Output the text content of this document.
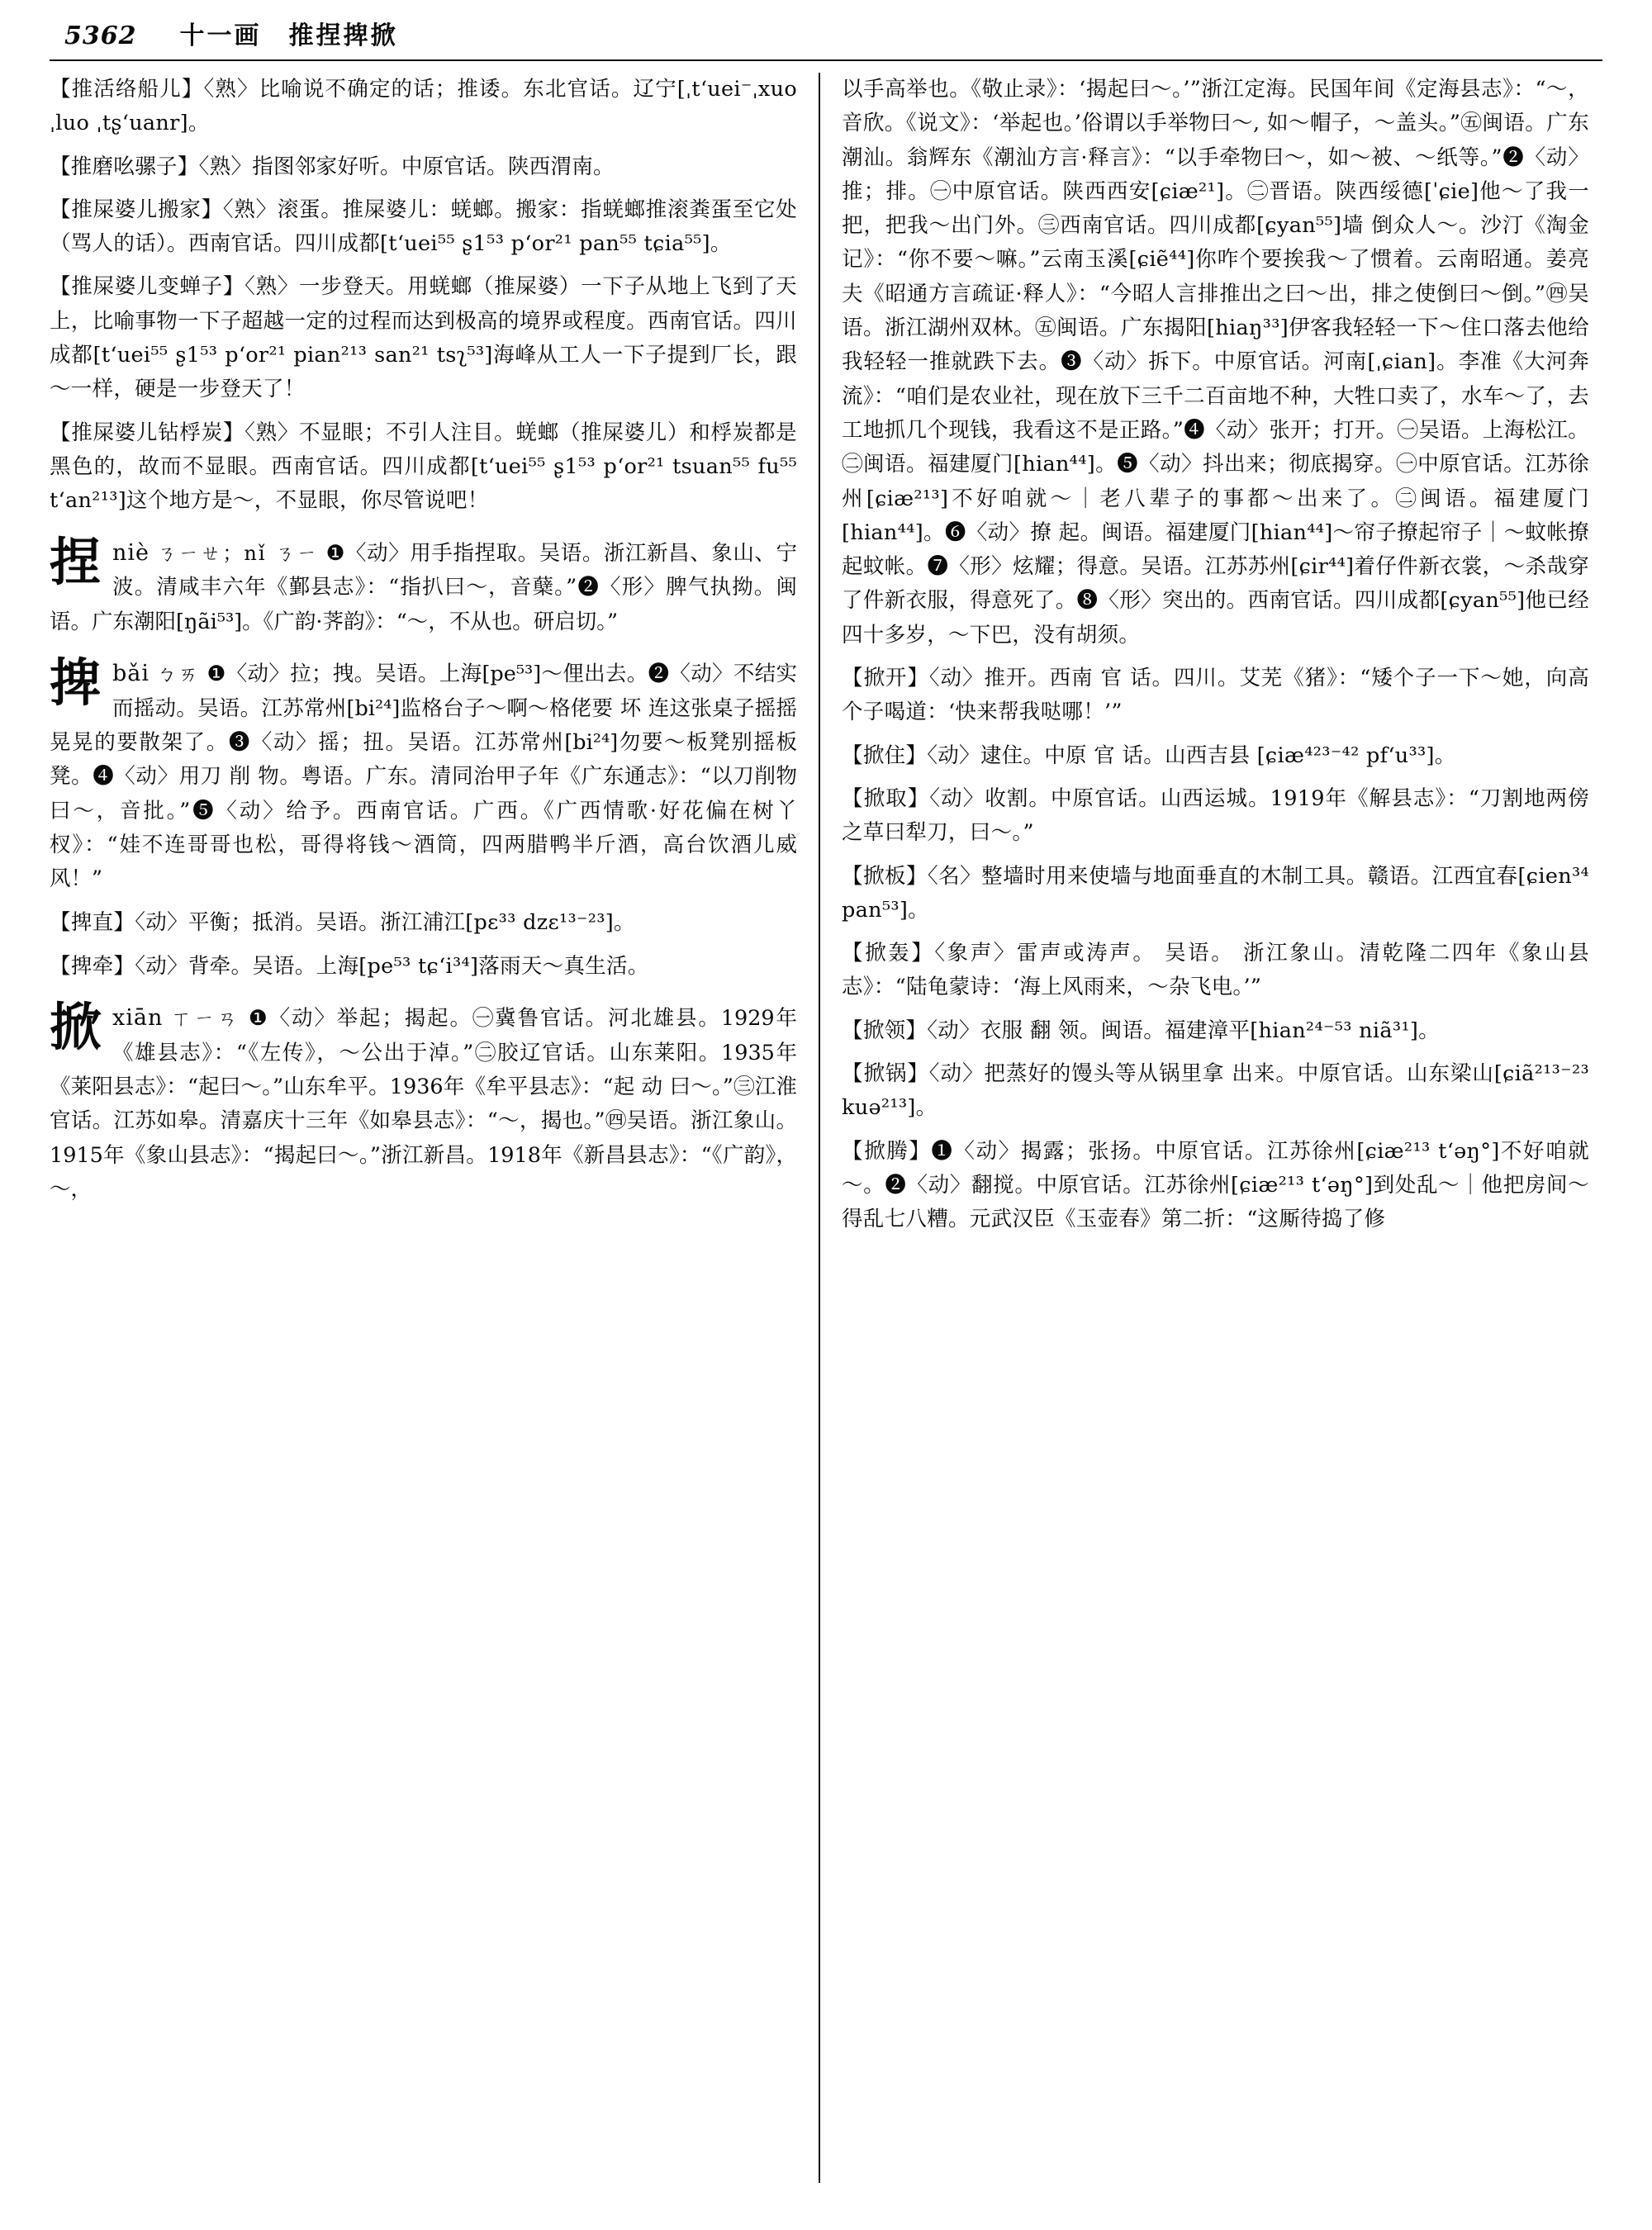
5362 十一画　推捏捭掀
【推活络船儿】〈熟〉比喻说不确定的话；推诿。东北官话。辽宁[ˌtʻuei⁻ˌxuo ˌluo ˌtʂʻuanr]。
【推磨吆骡子】〈熟〉指图邻家好听。中原官话。陕西渭南。
【推屎婆儿搬家】〈熟〉滚蛋。推屎婆儿：蜣螂。搬家：指蜣螂推滚粪蛋至它处（骂人的话）。西南官话。四川成都[tʻuei⁵⁵ ʂ1⁵³ pʻor²¹ pan⁵⁵ tɕia⁵⁵]。
【推屎婆儿变蝉子】〈熟〉一步登天。用蜣螂（推屎婆）一下子从地上飞到了天上，比喻事物一下子超越一定的过程而达到极高的境界或程度。西南官话。四川成都[tʻuei⁵⁵ ʂ1⁵³ pʻor²¹ pian²¹³ san²¹ tsʅ⁵³]海峰从工人一下子提到厂长，跟～一样，硬是一步登天了！
【推屎婆儿钻桴炭】〈熟〉不显眼；不引人注目。蜣螂（推屎婆儿）和桴炭都是黑色的，故而不显眼。西南官话。四川成都[tʻuei⁵⁵ ʂ1⁵³ pʻor²¹ tsuan⁵⁵ fu⁵⁵ tʻan²¹³]这个地方是～，不显眼，你尽管说吧！
捏 niè ㄋㄧㄝ；nǐ ㄋㄧ ❶〈动〉用手指捏取。吴语。浙江新昌、象山、宁波。清咸丰六年《鄞县志》：“指扒曰～，音蘖。”❷〈形〉脾气执拗。闽语。广东潮阳[ŋãi⁵³]。《广韵·荠韵》：“～，不从也。研启切。”
捭 bǎi ㄅㄞ ❶〈动〉拉；拽。吴语。上海[pe⁵³]～俚出去。❷〈动〉不结实而摇动。吴语。江苏常州[bi²⁴]监格台子～啊～格佬要 坏 连这张桌子摇摇晃晃的要散架了。❸〈动〉摇；扭。吴语。江苏常州[bi²⁴]勿要～板凳别摇板凳。❹〈动〉用刀 削 物。粤语。广东。清同治甲子年《广东通志》：“以刀削物曰～，音批。”❺〈动〉给予。西南官话。广西。《广西情歌·好花偏在树丫杈》：“娃不连哥哥也松，哥得将钱～酒筒，四两腊鸭半斤酒，高台饮酒儿威风！”
【捭直】〈动〉平衡；抵消。吴语。浙江浦江[pɛ³³ dzɛ¹³⁻²³]。
【捭牵】〈动〉背牵。吴语。上海[pe⁵³ tɕʻi³⁴]落雨天～真生活。
掀 xiān ㄒㄧㄢ ❶〈动〉举起；揭起。㊀冀鲁官话。河北雄县。1929年《雄县志》：“《左传》，～公出于淖。”㊁胶辽官话。山东莱阳。1935年《莱阳县志》：“起曰～。”山东牟平。1936年《牟平县志》：“起 动 曰～。”㊂江淮官话。江苏如皋。清嘉庆十三年《如皋县志》：“～，揭也。”㊃吴语。浙江象山。1915年《象山县志》：“揭起曰～。”浙江新昌。1918年《新昌县志》：“《广韵》，～，
以手高举也。《敬止录》：‘揭起曰～。’”浙江定海。民国年间《定海县志》：“～，音欣。《说文》：‘举起也。’俗谓以手举物曰～, 如～帽子，～盖头。”㊄闽语。广东潮汕。翁辉东《潮汕方言·释言》：“以手牵物曰～，如～被、～纸等。”❷〈动〉推；排。㊀中原官话。陕西西安[ɕiæ²¹]。㊁晋语。陕西绥德[ˈɕie]他～了我一把，把我～出门外。㊂西南官话。四川成都[ɕyan⁵⁵]墙 倒众人～。沙汀《淘金记》：“你不要～嘛。”云南玉溪[ɕiẽ⁴⁴]你咋个要挨我～了惯着。云南昭通。姜亮夫《昭通方言疏证·释人》：“今昭人言排推出之曰～出，排之使倒曰～倒。”㊃吴语。浙江湖州双林。㊄闽语。广东揭阳[hiaŋ³³]伊客我轻轻一下～住口落去他给我轻轻一推就跌下去。❸〈动〉拆下。中原官话。河南[ˌɕian]。李准《大河奔流》：“咱们是农业社，现在放下三千二百亩地不种，大牲口卖了，水车～了，去工地抓几个现钱，我看这不是正路。”❹〈动〉张开；打开。㊀吴语。上海松江。㊁闽语。福建厦门[hian⁴⁴]。❺〈动〉抖出来；彻底揭穿。㊀中原官话。江苏徐州[ɕiæ²¹³]不好咱就～｜老八辈子的事都～出来了。㊁闽语。福建厦门 [hian⁴⁴]。❻〈动〉撩 起。闽语。福建厦门[hian⁴⁴]～帘子撩起帘子｜～蚊帐撩起蚊帐。❼〈形〉炫耀；得意。吴语。江苏苏州[ɕir⁴⁴]着仔件新衣裳，～杀哉穿了件新衣服，得意死了。❽〈形〉突出的。西南官话。四川成都[ɕyan⁵⁵]他已经四十多岁，～下巴，没有胡须。
【掀开】〈动〉推开。西南 官 话。四川。艾芜《猪》：“矮个子一下～她，向高个子喝道：‘快来帮我哒哪！’”
【掀住】〈动〉逮住。中原 官 话。山西吉县 [ɕiæ⁴²³⁻⁴² pfʻu³³]。
【掀取】〈动〉收割。中原官话。山西运城。1919年《解县志》：“刀割地两傍之草曰犁刀，曰～。”
【掀板】〈名〉整墙时用来使墙与地面垂直的木制工具。赣语。江西宜春[ɕien³⁴ pan⁵³]。
【掀轰】〈象声〉雷声或涛声。 吴语。 浙江象山。清乾隆二四年《象山县志》：“陆龟蒙诗：‘海上风雨来，～杂飞电。’”
【掀领】〈动〉衣服 翻 领。闽语。福建漳平[hian²⁴⁻⁵³ niã³¹]。
【掀锅】〈动〉把蒸好的馒头等从锅里拿 出来。中原官话。山东梁山[ɕiã²¹³⁻²³ kuə²¹³]。
【掀腾】❶〈动〉揭露；张扬。中原官话。江苏徐州[ɕiæ²¹³ tʻəŋ°]不好咱就～。❷〈动〉翻搅。中原官话。江苏徐州[ɕiæ²¹³ tʻəŋ°]到处乱～｜他把房间～得乱七八糟。元武汉臣《玉壶春》第二折：“这厮待捣了修
